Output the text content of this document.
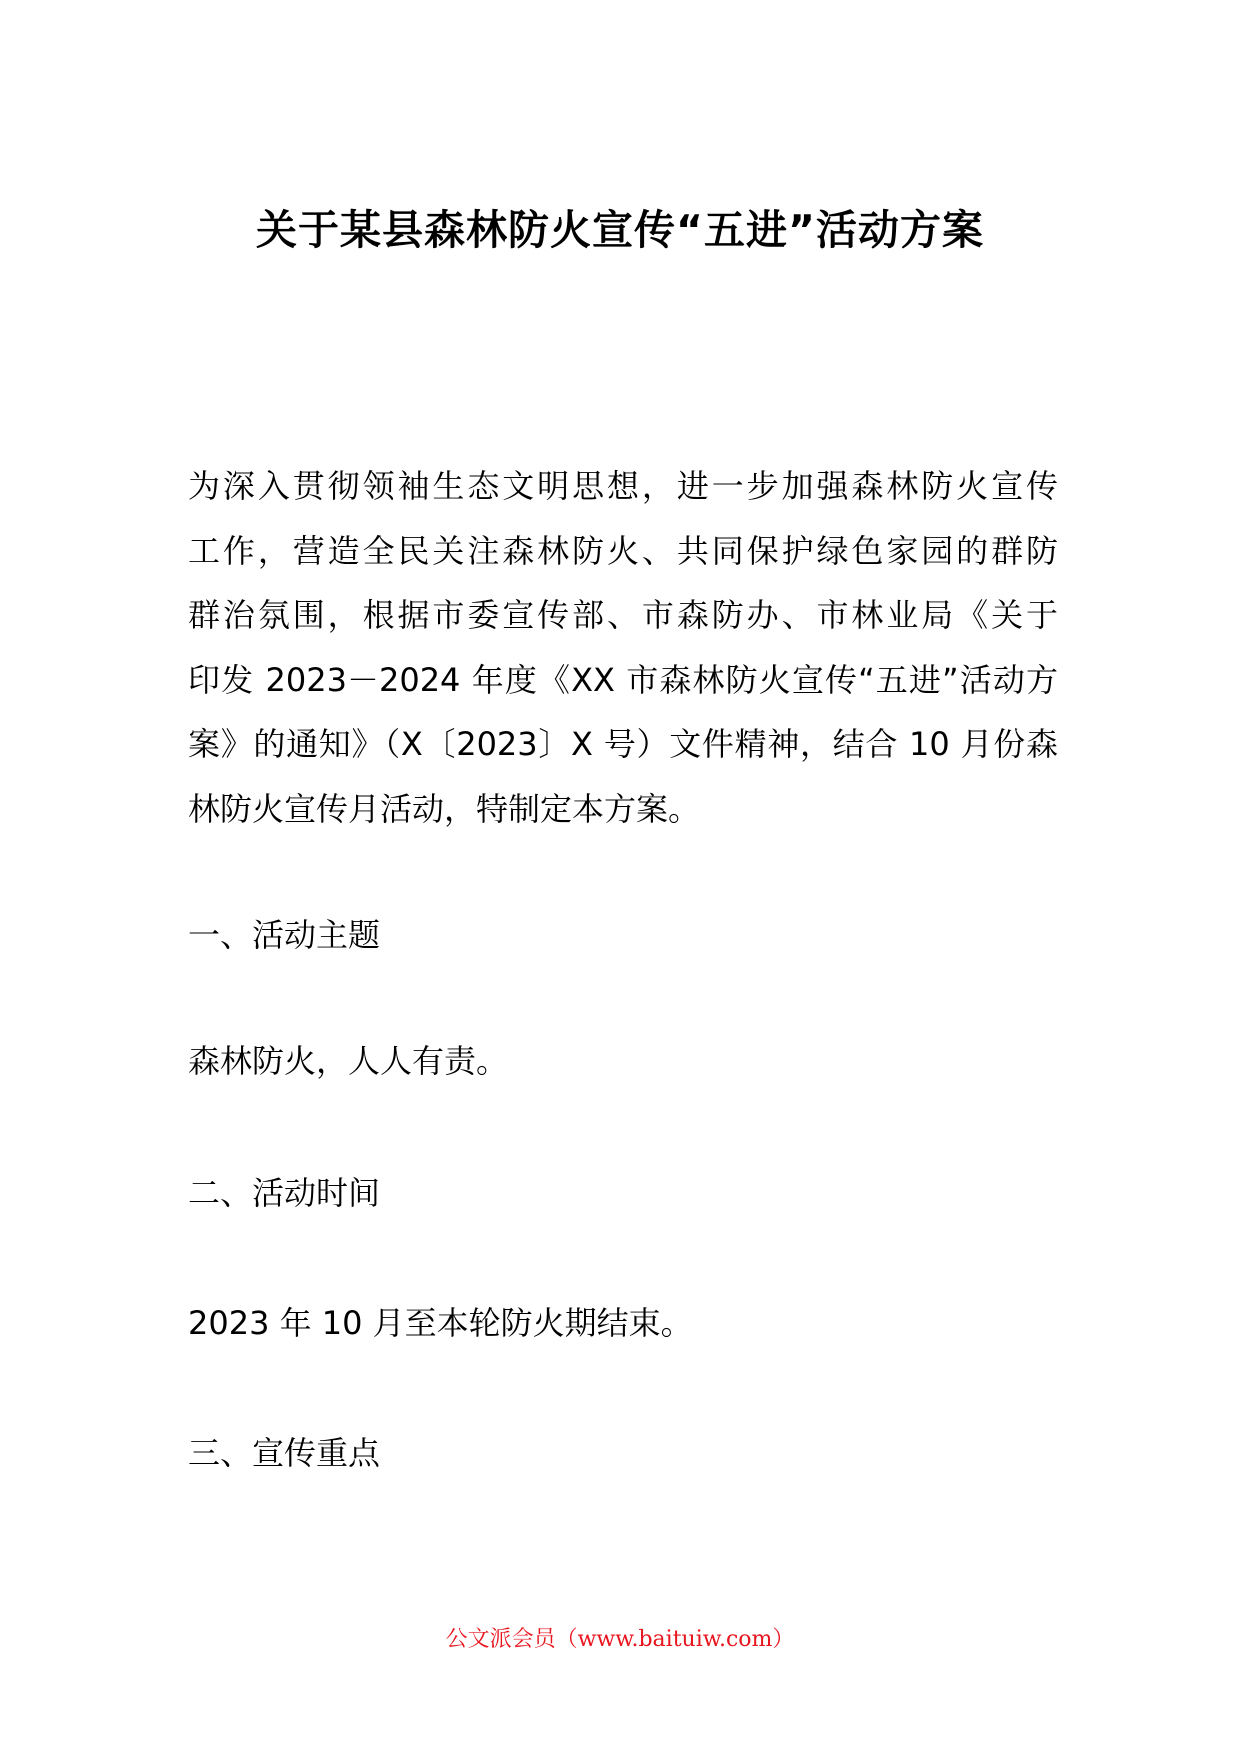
关于某县森林防火宣传“五进”活动方案
为深入贯彻领袖生态文明思想，进一步加强森林防火宣传
工作，营造全民关注森林防火、共同保护绿色家园的群防
群治氛围，根据市委宣传部、市森防办、市林业局《关于
印发 2023－2024 年度《XX 市森林防火宣传“五进”活动方
案》的通知》（X〔2023〕X 号）文件精神，结合 10 月份森
林防火宣传月活动，特制定本方案。
一、活动主题
森林防火，人人有责。
二、活动时间
2023 年 10 月至本轮防火期结束。
三、宣传重点
公文派会员（www.baituiw.com）
